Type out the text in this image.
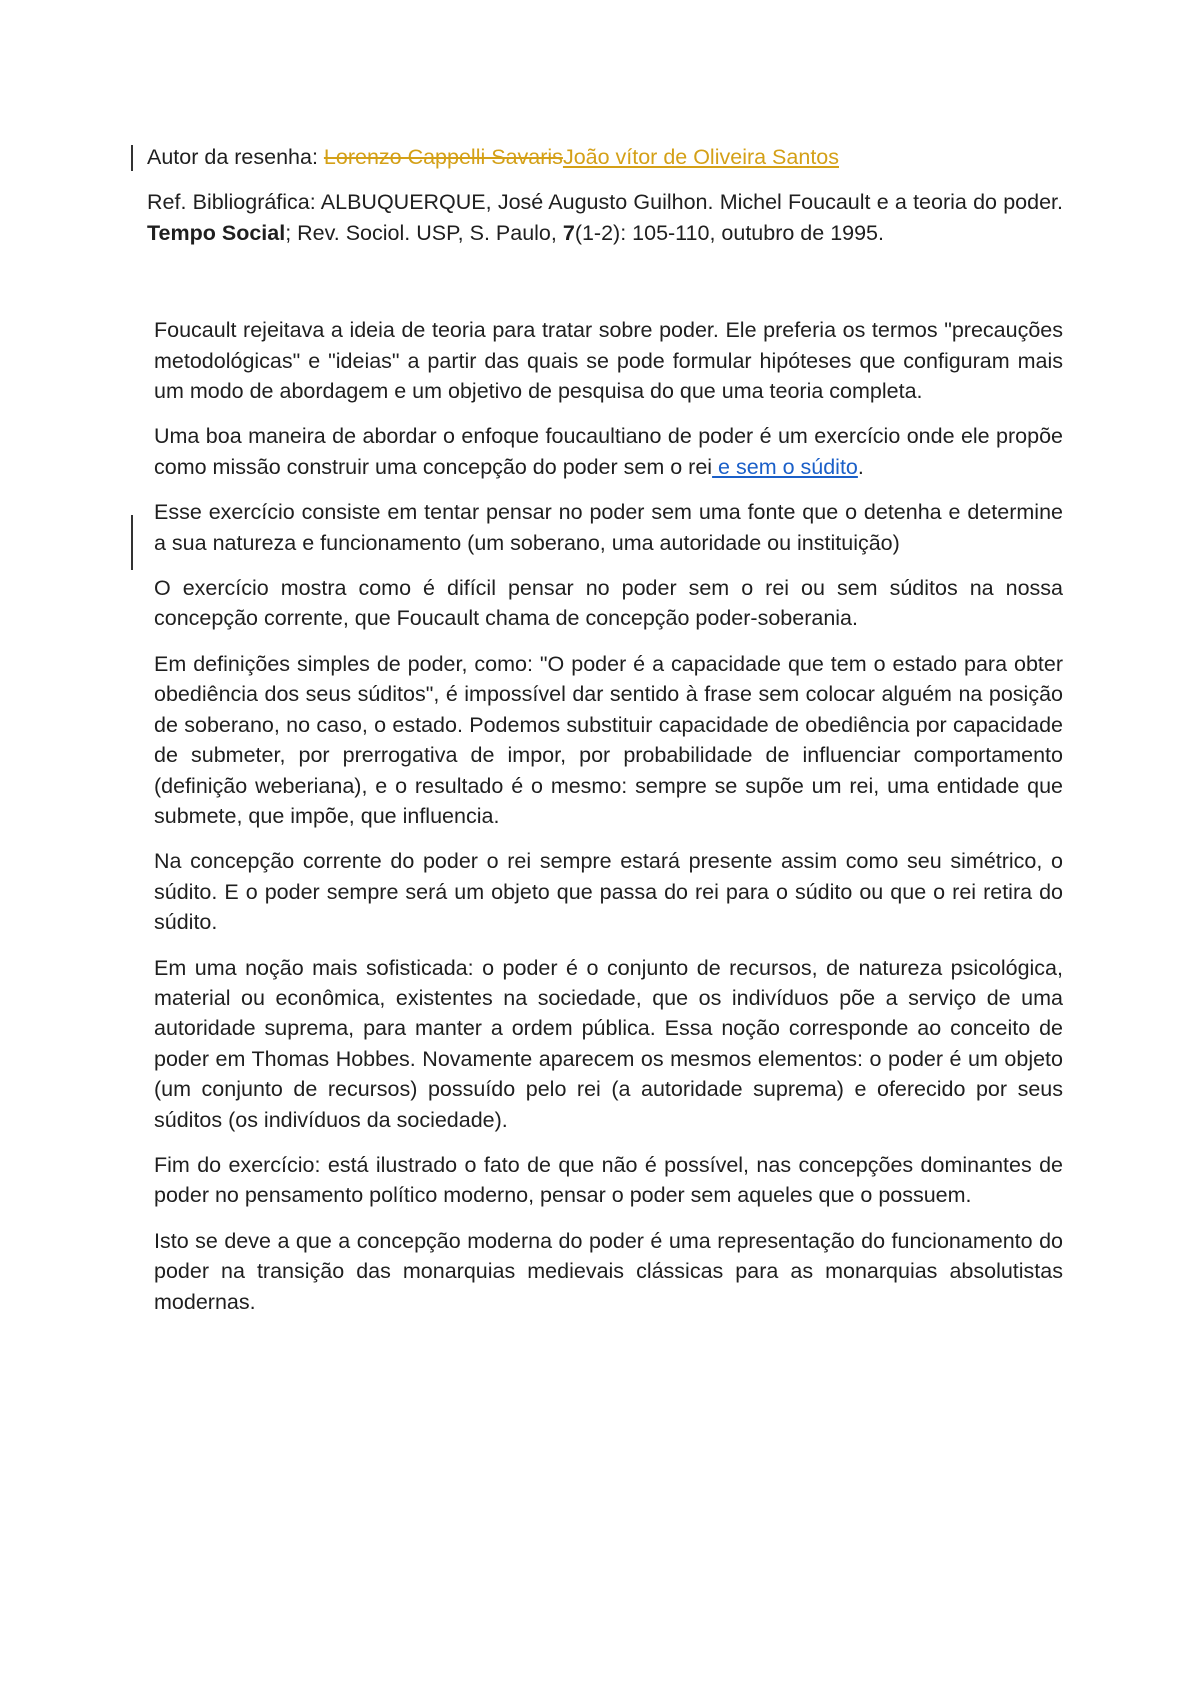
Autor da resenha: Lorenzo Cappelli SavarisJoão vítor de Oliveira Santos

Ref. Bibliográfica: ALBUQUERQUE, José Augusto Guilhon. Michel Foucault e a teoria do poder. Tempo Social; Rev. Sociol. USP, S. Paulo, 7(1-2): 105-110, outubro de 1995.

Foucault rejeitava a ideia de teoria para tratar sobre poder. Ele preferia os termos "precauções metodológicas" e "ideias" a partir das quais se pode formular hipóteses que configuram mais um modo de abordagem e um objetivo de pesquisa do que uma teoria completa.

Uma boa maneira de abordar o enfoque foucaultiano de poder é um exercício onde ele propõe como missão construir uma concepção do poder sem o rei e sem o súdito.

Esse exercício consiste em tentar pensar no poder sem uma fonte que o detenha e determine a sua natureza e funcionamento (um soberano, uma autoridade ou instituição)

O exercício mostra como é difícil pensar no poder sem o rei ou sem súditos na nossa concepção corrente, que Foucault chama de concepção poder-soberania.

Em definições simples de poder, como: "O poder é a capacidade que tem o estado para obter obediência dos seus súditos", é impossível dar sentido à frase sem colocar alguém na posição de soberano, no caso, o estado. Podemos substituir capacidade de obediência por capacidade de submeter, por prerrogativa de impor, por probabilidade de influenciar comportamento (definição weberiana), e o resultado é o mesmo: sempre se supõe um rei, uma entidade que submete, que impõe, que influencia.

Na concepção corrente do poder o rei sempre estará presente assim como seu simétrico, o súdito. E o poder sempre será um objeto que passa do rei para o súdito ou que o rei retira do súdito.

Em uma noção mais sofisticada: o poder é o conjunto de recursos, de natureza psicológica, material ou econômica, existentes na sociedade, que os indivíduos põe a serviço de uma autoridade suprema, para manter a ordem pública. Essa noção corresponde ao conceito de poder em Thomas Hobbes. Novamente aparecem os mesmos elementos: o poder é um objeto (um conjunto de recursos) possuído pelo rei (a autoridade suprema) e oferecido por seus súditos (os indivíduos da sociedade).

Fim do exercício: está ilustrado o fato de que não é possível, nas concepções dominantes de poder no pensamento político moderno, pensar o poder sem aqueles que o possuem.

Isto se deve a que a concepção moderna do poder é uma representação do funcionamento do poder na transição das monarquias medievais clássicas para as monarquias absolutistas modernas.
